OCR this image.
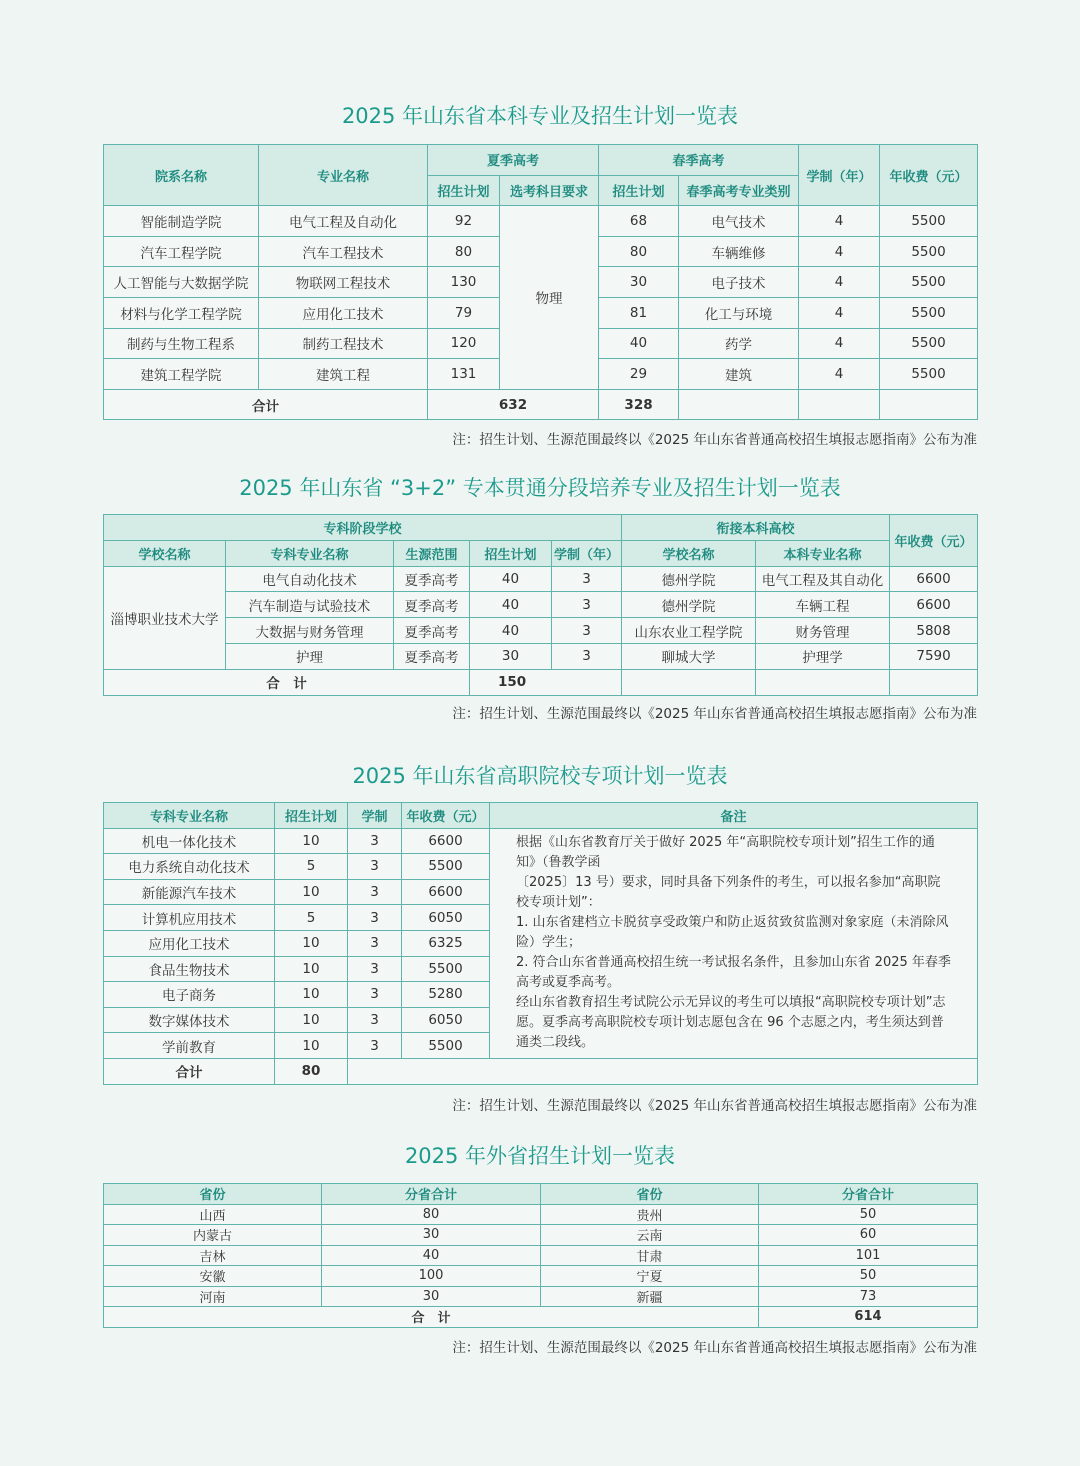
2025 年山东省本科专业及招生计划一览表
院系名称	专业名称	夏季高考		春季高考		学制（年）	年收费（元）
		招生计划	选考科目要求	招生计划	春季高考专业类别		
智能制造学院	电气工程及自动化	92	物理	68	电气技术	4	5500
汽车工程学院	汽车工程技术	80		80	车辆维修	4	5500
人工智能与大数据学院	物联网工程技术	130		30	电子技术	4	5500
材料与化学工程学院	应用化工技术	79		81	化工与环境	4	5500
制药与生物工程系	制药工程技术	120		40	药学	4	5500
建筑工程学院	建筑工程	131		29	建筑	4	5500
合计		632		328			
注：招生计划、生源范围最终以《2025 年山东省普通高校招生填报志愿指南》公布为准
2025 年山东省 “3+2” 专本贯通分段培养专业及招生计划一览表
专科阶段学校					衔接本科高校		年收费（元）
学校名称	专科专业名称	生源范围	招生计划	学制（年）	学校名称	本科专业名称	
淄博职业技术大学	电气自动化技术	夏季高考	40	3	德州学院	电气工程及其自动化	6600
	汽车制造与试验技术	夏季高考	40	3	德州学院	车辆工程	6600
	大数据与财务管理	夏季高考	40	3	山东农业工程学院	财务管理	5808
	护理	夏季高考	30	3	聊城大学	护理学	7590
合　计			150				
注：招生计划、生源范围最终以《2025 年山东省普通高校招生填报志愿指南》公布为准
2025 年山东省高职院校专项计划一览表
专科专业名称	招生计划	学制	年收费（元）	备注
机电一体化技术	10	3	6600	根据《山东省教育厅关于做好 2025 年“高职院校专项计划”招生工作的通知》（鲁教学函
〔2025〕13 号）要求，同时具备下列条件的考生，可以报名参加“高职院校专项计划”：
1. 山东省建档立卡脱贫享受政策户和防止返贫致贫监测对象家庭（未消除风险）学生；
2. 符合山东省普通高校招生统一考试报名条件，且参加山东省 2025 年春季高考或夏季高考。
经山东省教育招生考试院公示无异议的考生可以填报“高职院校专项计划”志愿。夏季高考高职院校专项计划志愿包含在 96 个志愿之内，考生须达到普通类二段线。

电力系统自动化技术	5	3	5500	
新能源汽车技术	10	3	6600	
计算机应用技术	5	3	6050	
应用化工技术	10	3	6325	
食品生物技术	10	3	5500	
电子商务	10	3	5280	
数字媒体技术	10	3	6050	
学前教育	10	3	5500	
合计	80			
注：招生计划、生源范围最终以《2025 年山东省普通高校招生填报志愿指南》公布为准
2025 年外省招生计划一览表
省份	分省合计	省份	分省合计
山西	80	贵州	50
内蒙古	30	云南	60
吉林	40	甘肃	101
安徽	100	宁夏	50
河南	30	新疆	73
合　计			614
注：招生计划、生源范围最终以《2025 年山东省普通高校招生填报志愿指南》公布为准
